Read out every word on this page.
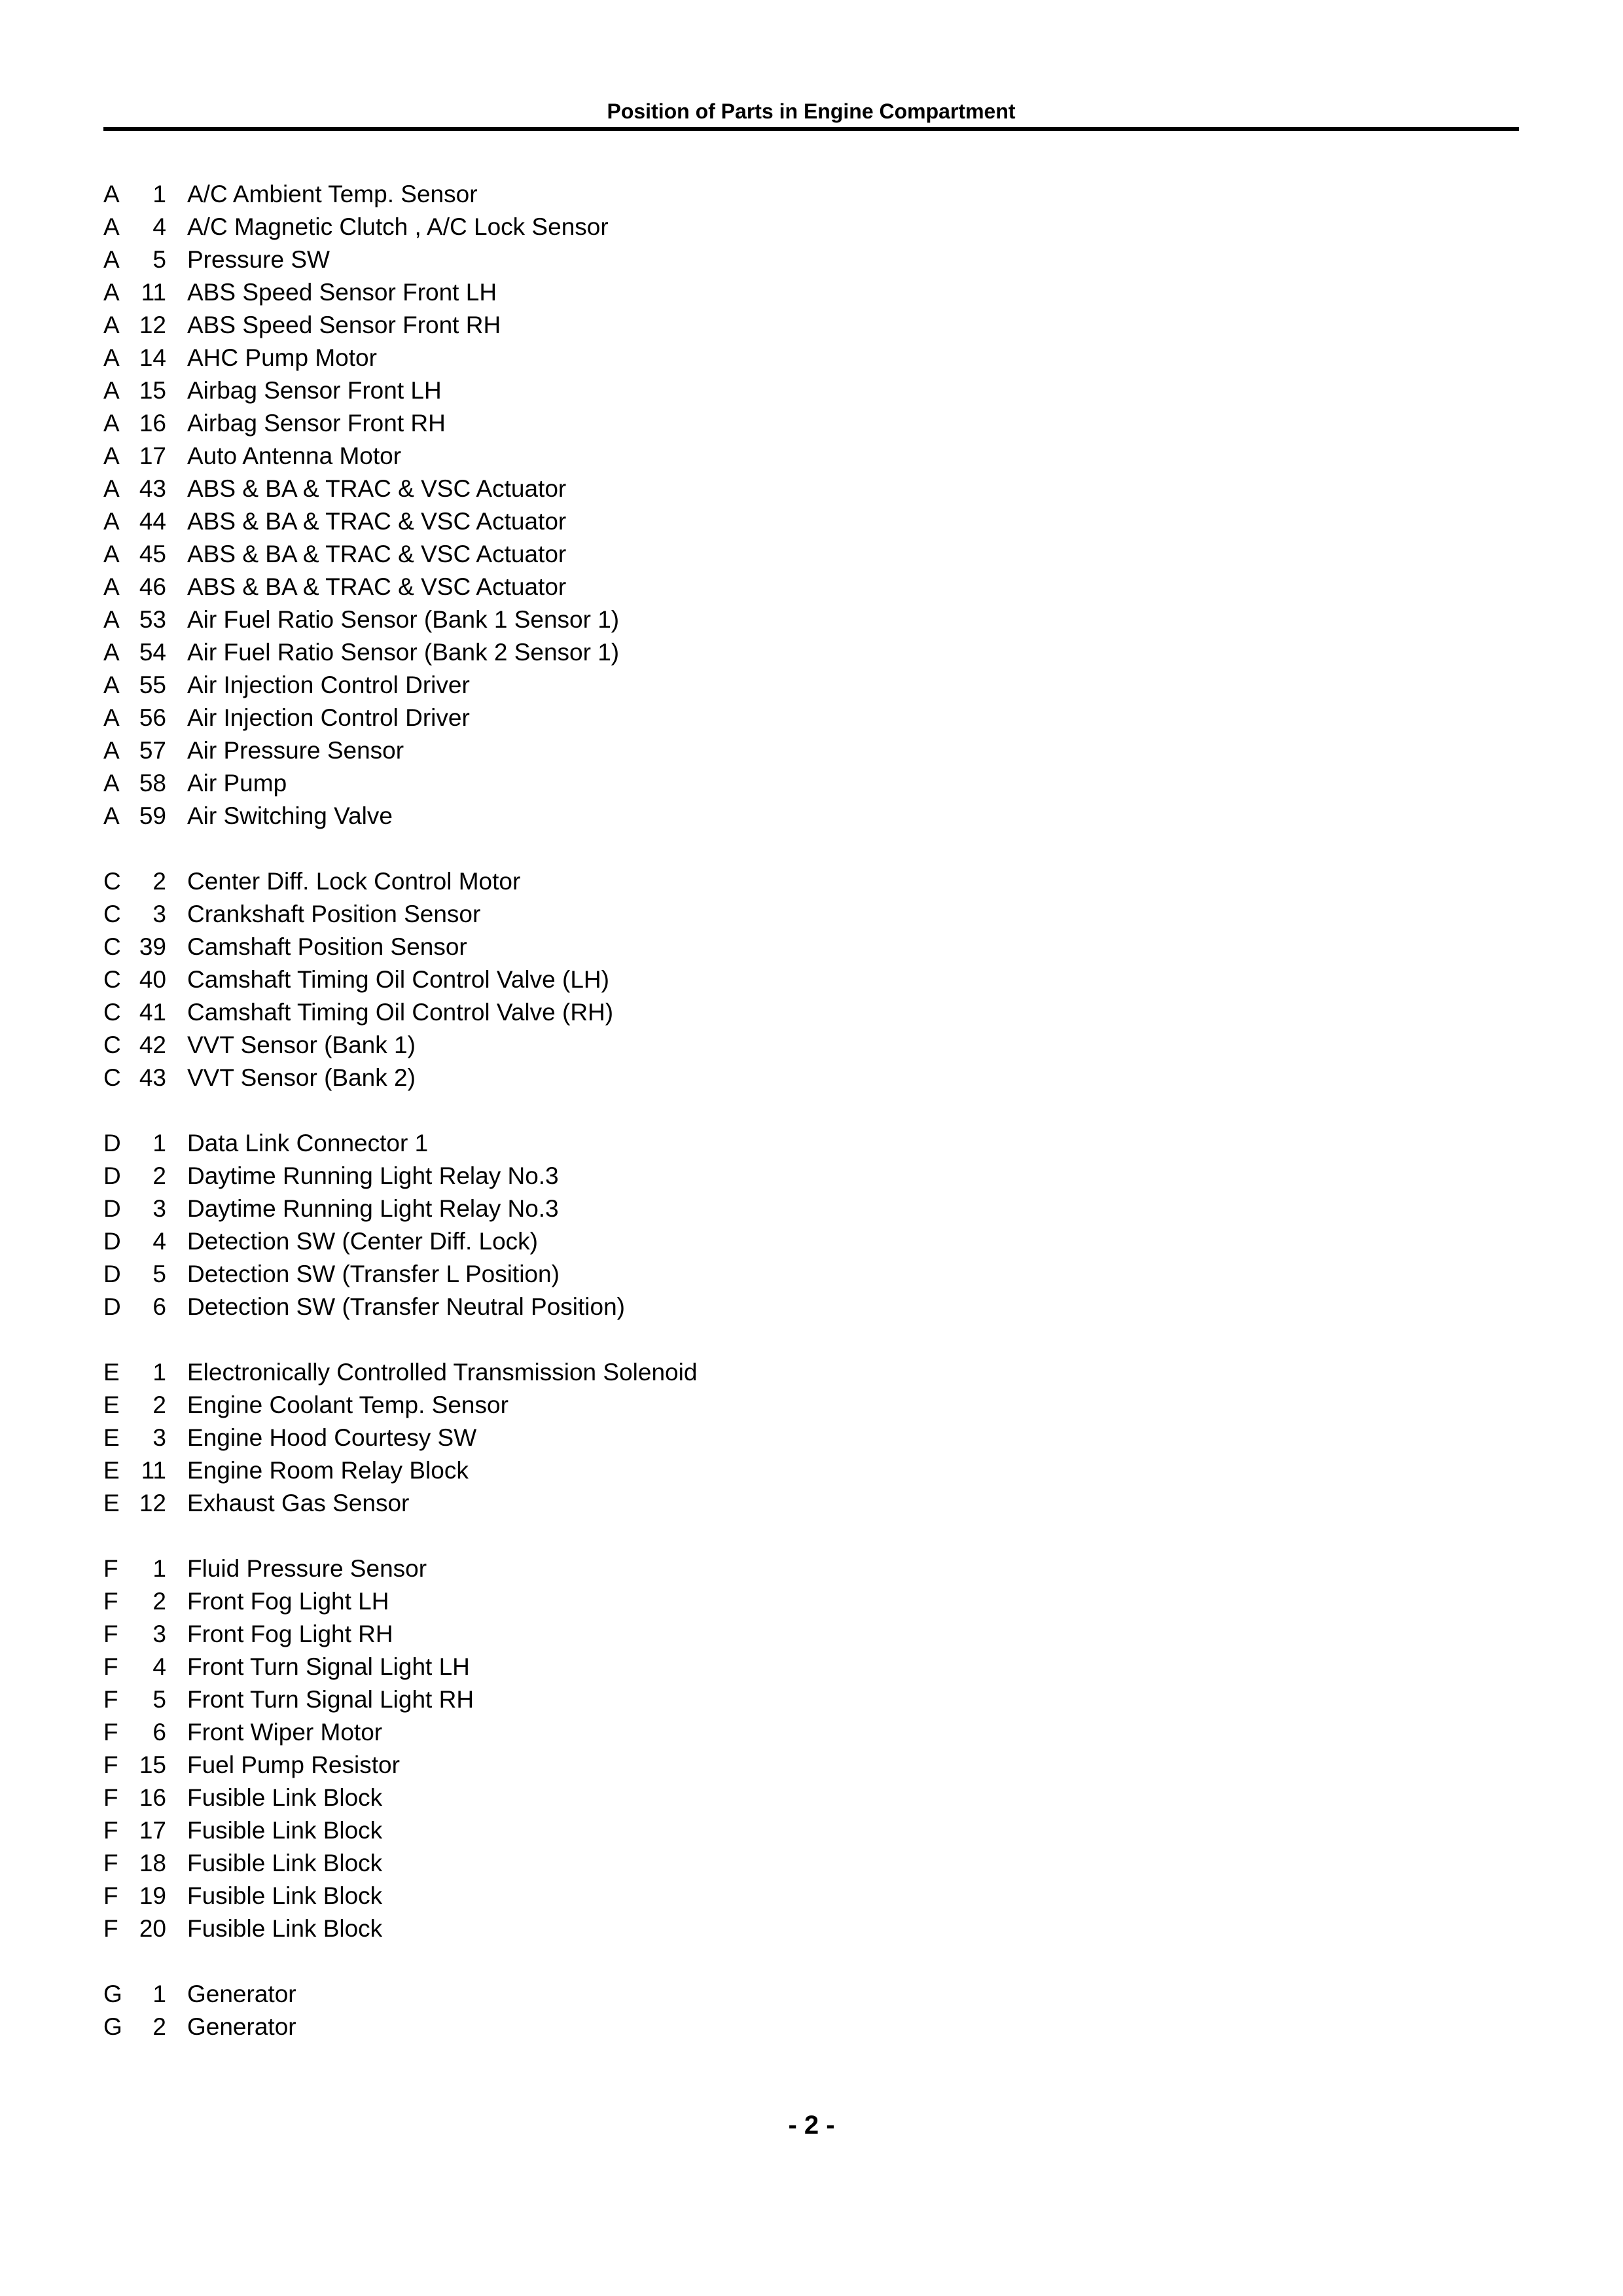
Position of Parts in Engine Compartment
A	1 A/C Ambient Temp. Sensor
A	4 A/C Magnetic Clutch , A/C Lock Sensor
A	5 Pressure SW
A 11 ABS Speed Sensor Front LH
A 12 ABS Speed Sensor Front RH
A 14 AHC Pump Motor
A 15 Airbag Sensor Front LH
A 16 Airbag Sensor Front RH
A 17 Auto Antenna Motor
A 43 ABS & BA & TRAC & VSC Actuator
A 44 ABS & BA & TRAC & VSC Actuator
A 45 ABS & BA & TRAC & VSC Actuator
A 46 ABS & BA & TRAC & VSC Actuator
A 53 Air Fuel Ratio Sensor (Bank 1 Sensor 1)
A 54 Air Fuel Ratio Sensor (Bank 2 Sensor 1)
A 55 Air Injection Control Driver
A 56 Air Injection Control Driver
A 57 Air Pressure Sensor
A 58 Air Pump
A 59 Air Switching Valve
C	2 Center Diff. Lock Control Motor
C	3 Crankshaft Position Sensor
C 39 Camshaft Position Sensor
C 40 Camshaft Timing Oil Control Valve (LH)
C 41 Camshaft Timing Oil Control Valve (RH)
C 42 VVT Sensor (Bank 1)
C 43 VVT Sensor (Bank 2)
D	1 Data Link Connector 1
D	2 Daytime Running Light Relay No.3
D	3 Daytime Running Light Relay No.3
D	4 Detection SW (Center Diff. Lock)
D	5 Detection SW (Transfer L Position)
D	6 Detection SW (Transfer Neutral Position)
E	1 Electronically Controlled Transmission Solenoid
E	2 Engine Coolant Temp. Sensor
E	3 Engine Hood Courtesy SW
E 11 Engine Room Relay Block
E 12 Exhaust Gas Sensor
F	1 Fluid Pressure Sensor
F	2 Front Fog Light LH
F	3 Front Fog Light RH
F	4 Front Turn Signal Light LH
F	5 Front Turn Signal Light RH
F	6 Front Wiper Motor
F 15 Fuel Pump Resistor
F 16 Fusible Link Block
F 17 Fusible Link Block
F 18 Fusible Link Block
F 19 Fusible Link Block
F 20 Fusible Link Block
G	1 Generator
G	2 Generator
- 2 -
